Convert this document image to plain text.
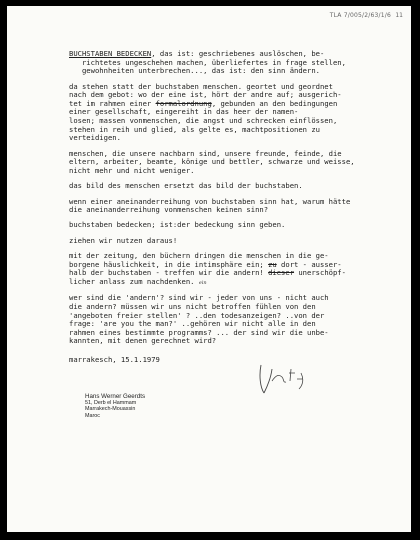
TLA 7/005/2/63/1/6 11
BUCHSTABEN BEDECKEN, das ist: geschriebenes auslöschen, be-
richtetes ungeschehen machen, überliefertes in frage stellen,
gewohnheiten unterbrechen..., das ist: den sinn ändern.
da stehen statt der buchstaben menschen. geortet und geordnet
nach dem gebot: wo der eine ist, hört der andre auf; ausgerich-
tet im rahmen einer formalordnung, gebunden an den bedingungen
einer gesellschaft, eingereiht in das heer der namen-
losen; massen vonmenschen, die angst und schrecken einflössen,
stehen in reih und glied, als gelte es, machtpositionen zu
verteidigen.
menschen, die unsere nachbarn sind, unsere freunde, feinde, die
eltern, arbeiter, beamte, könige und bettler, schwarze und weisse,
nicht mehr und nicht weniger.
das bild des menschen ersetzt das bild der buchstaben.
wenn einer aneinanderreihung von buchstaben sinn hat, warum hätte
die aneinanderreihung vonmenschen keinen sinn?
buchstaben bedecken; ist:der bedeckung sinn geben.
ziehen wir nutzen daraus!
mit der zeitung, den büchern dringen die menschen in die ge-
borgene häuslichkeit, in die intimsphäre ein; zu dort - ausser-
halb der buchstaben - treffen wir die andern! dieser unerschöpf-
licher anlass zum nachdenken. ein
wer sind die 'andern'? sind wir - jeder von uns - nicht auch
die andern? müssen wir uns nicht betroffen fühlen von den
'angeboten freier stellen' ? ..den todesanzeigen? ..von der
frage: 'are you the man?' ..gehören wir nicht alle in den
rahmen eines bestimmte programms? ... der sind wir die unbe-
kannten, mit denen gerechnet wird?
marrakesch, 15.1.1979
Hans Werner Geerdts
51, Derb el Hammam
Marrakech-Mouassin
Maroc
